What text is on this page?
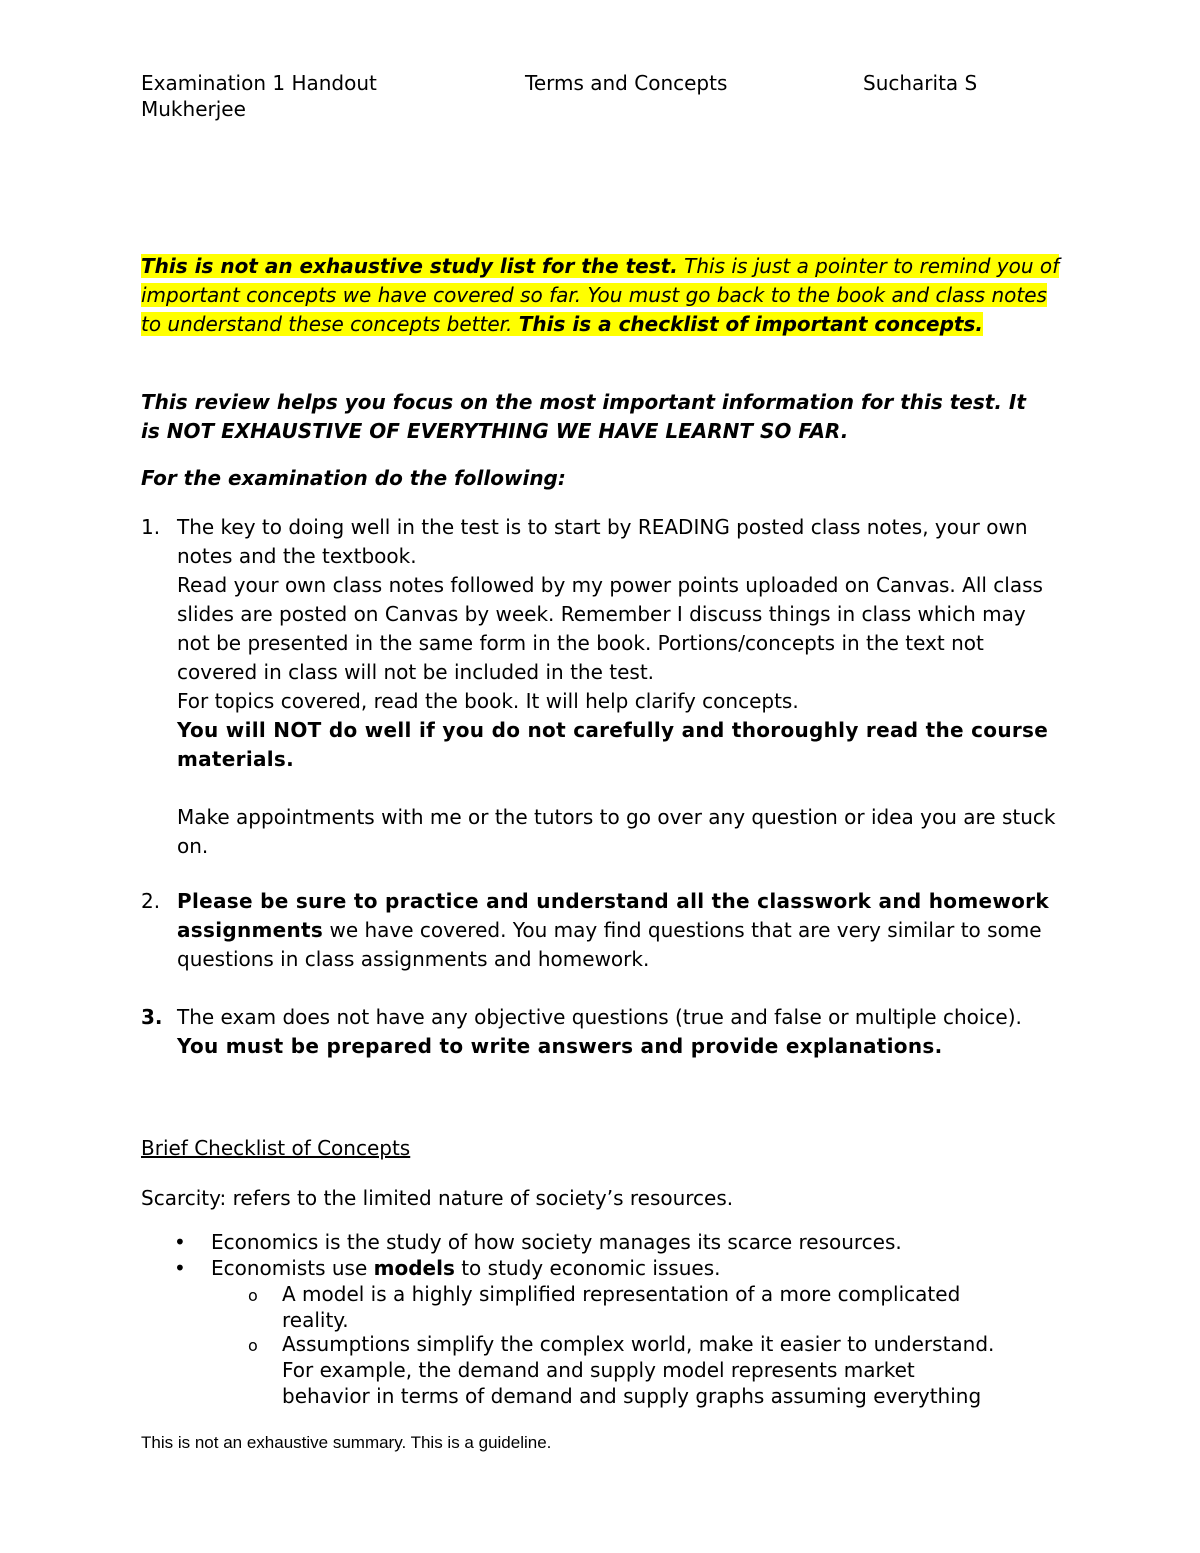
Examination 1 Handout	Terms and Concepts	Sucharita S
Mukherjee
This is not an exhaustive study list for the test. This is just a pointer to remind you of important concepts we have covered so far. You must go back to the book and class notes to understand these concepts better. This is a checklist of important concepts.
This review helps you focus on the most important information for this test. It is NOT EXHAUSTIVE OF EVERYTHING WE HAVE LEARNT SO FAR.
For the examination do the following:
1. The key to doing well in the test is to start by READING posted class notes, your own notes and the textbook.

Read your own class notes followed by my power points uploaded on Canvas. All class slides are posted on Canvas by week. Remember I discuss things in class which may not be presented in the same form in the book. Portions/concepts in the text not covered in class will not be included in the test.

For topics covered, read the book. It will help clarify concepts.

You will NOT do well if you do not carefully and thoroughly read the course materials.

Make appointments with me or the tutors to go over any question or idea you are stuck on.

2. Please be sure to practice and understand all the classwork and homework assignments we have covered. You may find questions that are very similar to some questions in class assignments and homework.
3. The exam does not have any objective questions (true and false or multiple choice). You must be prepared to write answers and provide explanations.
Brief Checklist of Concepts
Scarcity: refers to the limited nature of society’s resources.
• Economics is the study of how society manages its scarce resources.
• Economists use models to study economic issues.
o A model is a highly simplified representation of a more complicated
reality.
o Assumptions simplify the complex world, make it easier to understand.
For example, the demand and supply model represents market
behavior in terms of demand and supply graphs assuming everything
This is not an exhaustive summary. This is a guideline.
